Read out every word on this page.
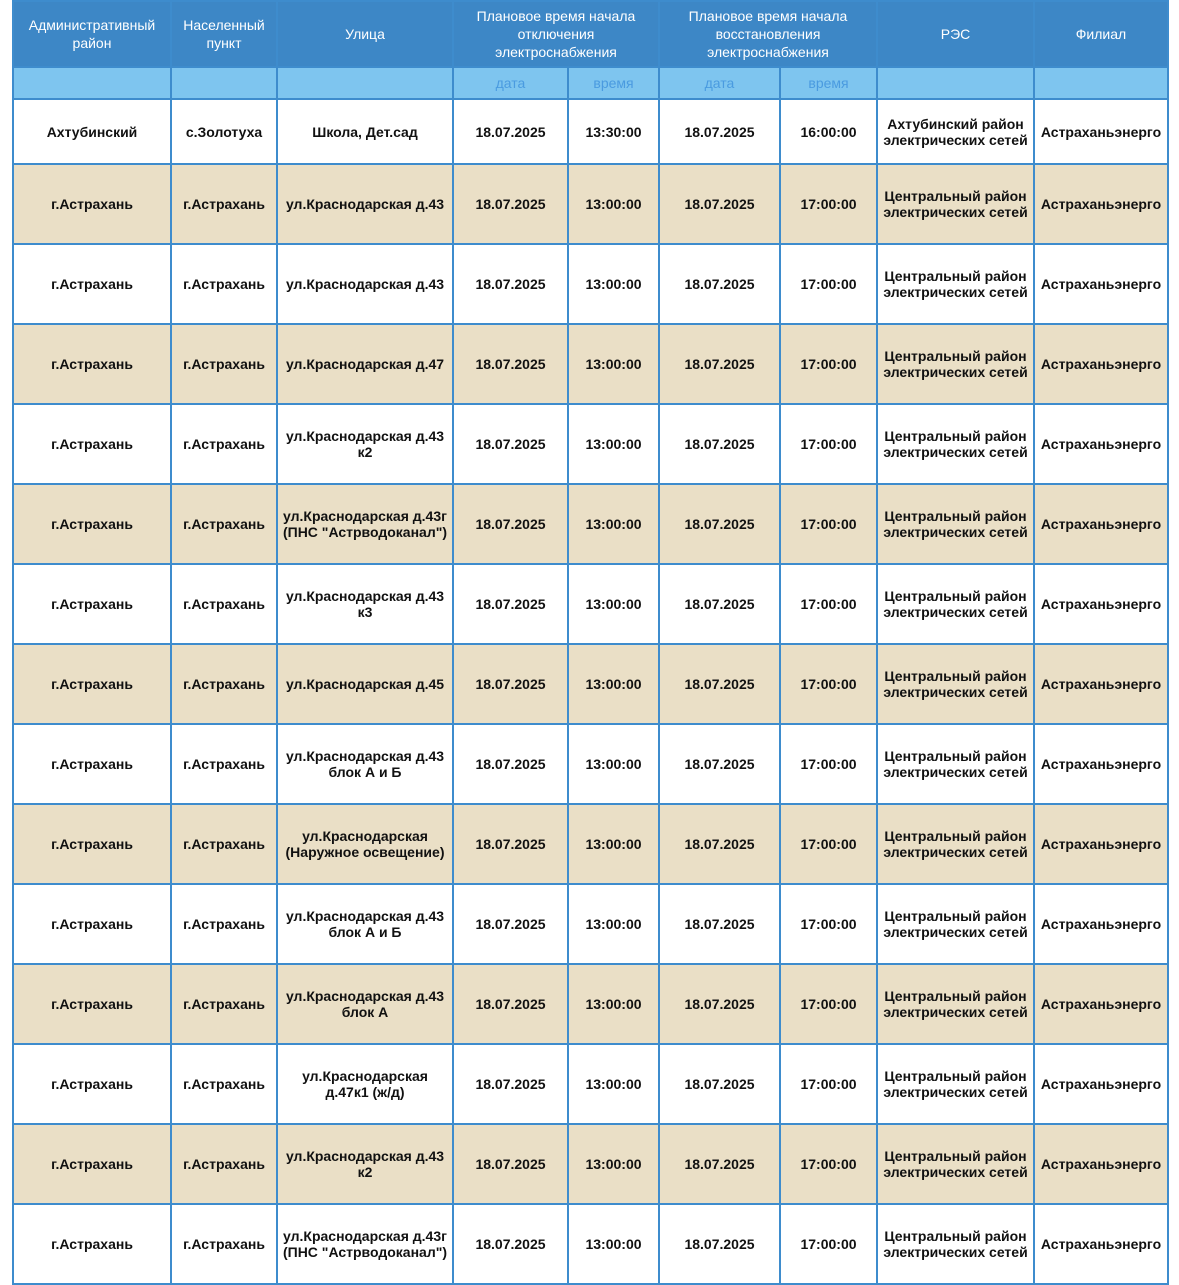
Административный район	Населенный пункт	Улица	Плановое время начала отключения электроснабжения		Плановое время начала восстановления электроснабжения		РЭС	Филиал
			дата	время	дата	время		
Ахтубинский	с.Золотуха	Школа, Дет.сад	18.07.2025	13:30:00	18.07.2025	16:00:00	Ахтубинский район электрических сетей	Астраханьэнерго
г.Астрахань	г.Астрахань	ул.Краснодарская д.43	18.07.2025	13:00:00	18.07.2025	17:00:00	Центральный район электрических сетей	Астраханьэнерго
г.Астрахань	г.Астрахань	ул.Краснодарская д.43	18.07.2025	13:00:00	18.07.2025	17:00:00	Центральный район электрических сетей	Астраханьэнерго
г.Астрахань	г.Астрахань	ул.Краснодарская д.47	18.07.2025	13:00:00	18.07.2025	17:00:00	Центральный район электрических сетей	Астраханьэнерго
г.Астрахань	г.Астрахань	ул.Краснодарская д.43 к2	18.07.2025	13:00:00	18.07.2025	17:00:00	Центральный район электрических сетей	Астраханьэнерго
г.Астрахань	г.Астрахань	ул.Краснодарская д.43г (ПНС "Астрводоканал")	18.07.2025	13:00:00	18.07.2025	17:00:00	Центральный район электрических сетей	Астраханьэнерго
г.Астрахань	г.Астрахань	ул.Краснодарская д.43 к3	18.07.2025	13:00:00	18.07.2025	17:00:00	Центральный район электрических сетей	Астраханьэнерго
г.Астрахань	г.Астрахань	ул.Краснодарская д.45	18.07.2025	13:00:00	18.07.2025	17:00:00	Центральный район электрических сетей	Астраханьэнерго
г.Астрахань	г.Астрахань	ул.Краснодарская д.43 блок А и Б	18.07.2025	13:00:00	18.07.2025	17:00:00	Центральный район электрических сетей	Астраханьэнерго
г.Астрахань	г.Астрахань	ул.Краснодарская (Наружное освещение)	18.07.2025	13:00:00	18.07.2025	17:00:00	Центральный район электрических сетей	Астраханьэнерго
г.Астрахань	г.Астрахань	ул.Краснодарская д.43 блок А и Б	18.07.2025	13:00:00	18.07.2025	17:00:00	Центральный район электрических сетей	Астраханьэнерго
г.Астрахань	г.Астрахань	ул.Краснодарская д.43 блок А	18.07.2025	13:00:00	18.07.2025	17:00:00	Центральный район электрических сетей	Астраханьэнерго
г.Астрахань	г.Астрахань	ул.Краснодарская д.47к1 (ж/д)	18.07.2025	13:00:00	18.07.2025	17:00:00	Центральный район электрических сетей	Астраханьэнерго
г.Астрахань	г.Астрахань	ул.Краснодарская д.43 к2	18.07.2025	13:00:00	18.07.2025	17:00:00	Центральный район электрических сетей	Астраханьэнерго
г.Астрахань	г.Астрахань	ул.Краснодарская д.43г (ПНС "Астрводоканал")	18.07.2025	13:00:00	18.07.2025	17:00:00	Центральный район электрических сетей	Астраханьэнерго
